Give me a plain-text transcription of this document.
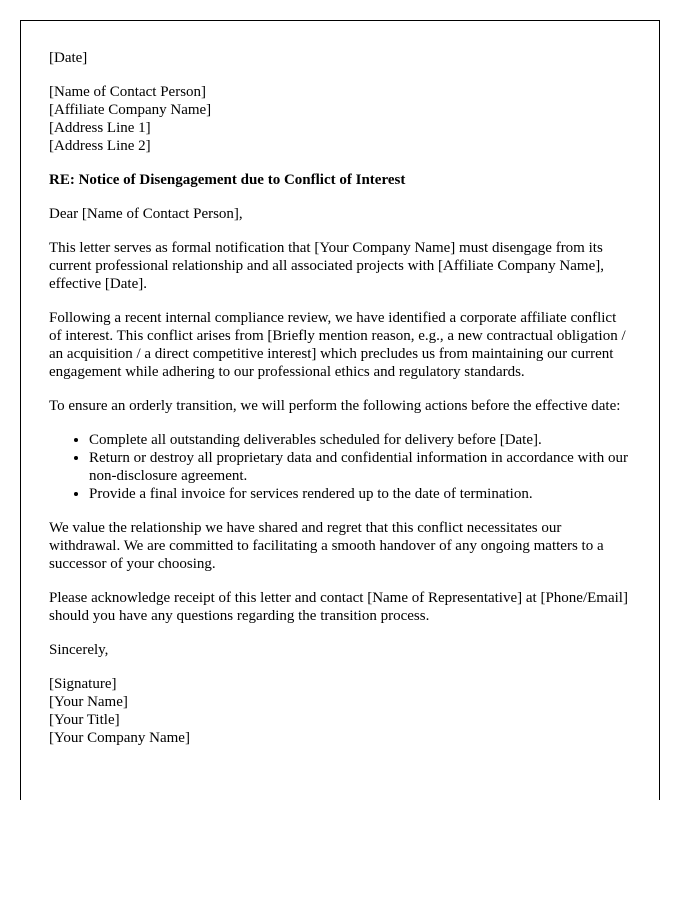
[Date]
[Name of Contact Person]
[Affiliate Company Name]
[Address Line 1]
[Address Line 2]

RE: Notice of Disengagement due to Conflict of Interest

Dear [Name of Contact Person],

This letter serves as formal notification that [Your Company Name] must disengage from its current professional relationship and all associated projects with [Affiliate Company Name], effective [Date].

Following a recent internal compliance review, we have identified a corporate affiliate conflict of interest. This conflict arises from [Briefly mention reason, e.g., a new contractual obligation / an acquisition / a direct competitive interest] which precludes us from maintaining our current engagement while adhering to our professional ethics and regulatory standards.

To ensure an orderly transition, we will perform the following actions before the effective date:

• Complete all outstanding deliverables scheduled for delivery before [Date].
• Return or destroy all proprietary data and confidential information in accordance with our non-disclosure agreement.
• Provide a final invoice for services rendered up to the date of termination.

We value the relationship we have shared and regret that this conflict necessitates our withdrawal. We are committed to facilitating a smooth handover of any ongoing matters to a successor of your choosing.

Please acknowledge receipt of this letter and contact [Name of Representative] at [Phone/Email] should you have any questions regarding the transition process.

Sincerely,

[Signature]
[Your Name]
[Your Title]
[Your Company Name]
